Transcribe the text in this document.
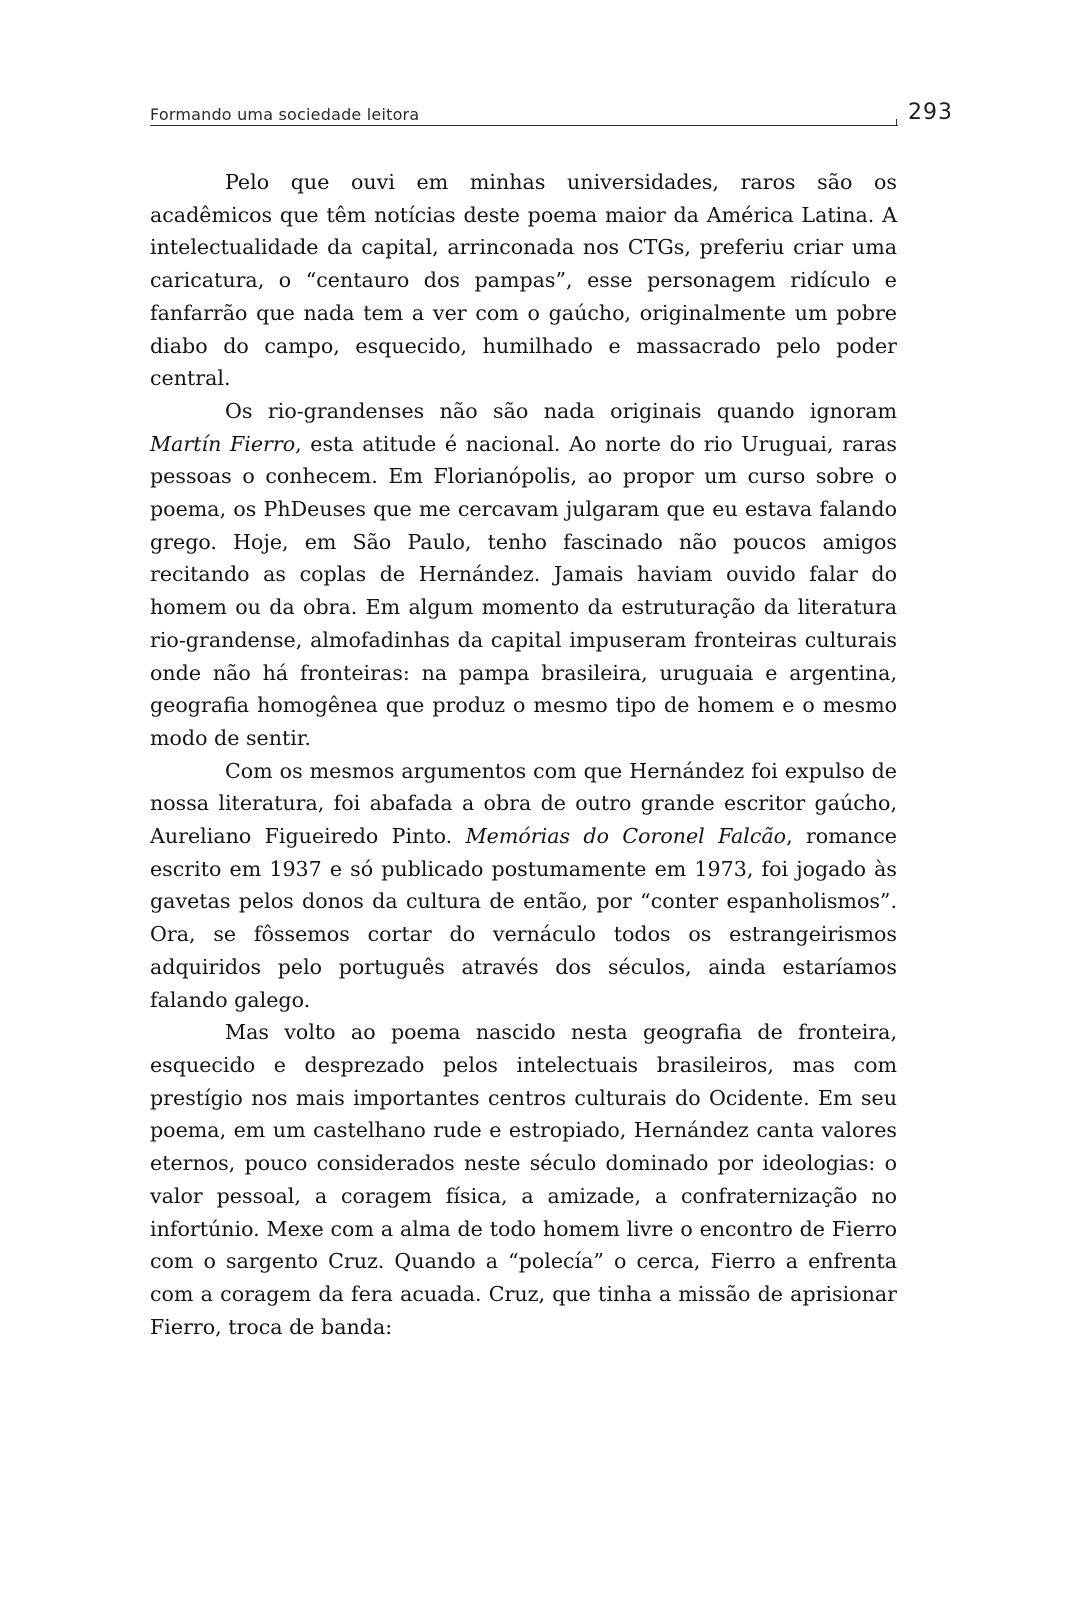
Formando uma sociedade leitora	293

Pelo que ouvi em minhas universidades, raros são os acadêmicos que têm notícias deste poema maior da América Latina. A intelectualidade da capital, arrinconada nos CTGs, preferiu criar uma caricatura, o “centauro dos pampas”, esse personagem ridículo e fanfarrão que nada tem a ver com o gaúcho, originalmente um pobre diabo do campo, esquecido, humilhado e massacrado pelo poder central.

Os rio-grandenses não são nada originais quando ignoram Martín Fierro, esta atitude é nacional. Ao norte do rio Uruguai, raras pessoas o conhecem. Em Florianópolis, ao propor um curso sobre o poema, os PhDeuses que me cercavam julgaram que eu estava falando grego. Hoje, em São Paulo, tenho fascinado não poucos amigos recitando as coplas de Hernández. Jamais haviam ouvido falar do homem ou da obra. Em algum momento da estruturação da literatura rio-grandense, almofadinhas da capital impuseram fronteiras culturais onde não há fronteiras: na pampa brasileira, uruguaia e argentina, geografia homogênea que produz o mesmo tipo de homem e o mesmo modo de sentir.

Com os mesmos argumentos com que Hernández foi expulso de nossa literatura, foi abafada a obra de outro grande escritor gaúcho, Aureliano Figueiredo Pinto. Memórias do Coronel Falcão, romance escrito em 1937 e só publicado postumamente em 1973, foi jogado às gavetas pelos donos da cultura de então, por “conter espanholismos”. Ora, se fôssemos cortar do vernáculo todos os estrangeirismos adquiridos pelo português através dos séculos, ainda estaríamos falando galego.

Mas volto ao poema nascido nesta geografia de fronteira, esquecido e desprezado pelos intelectuais brasileiros, mas com prestígio nos mais importantes centros culturais do Ocidente. Em seu poema, em um castelhano rude e estropiado, Hernández canta valores eternos, pouco considerados neste século dominado por ideologias: o valor pessoal, a coragem física, a amizade, a confraternização no infortúnio. Mexe com a alma de todo homem livre o encontro de Fierro com o sargento Cruz. Quando a “polecía” o cerca, Fierro a enfrenta com a coragem da fera acuada. Cruz, que tinha a missão de aprisionar Fierro, troca de banda:
